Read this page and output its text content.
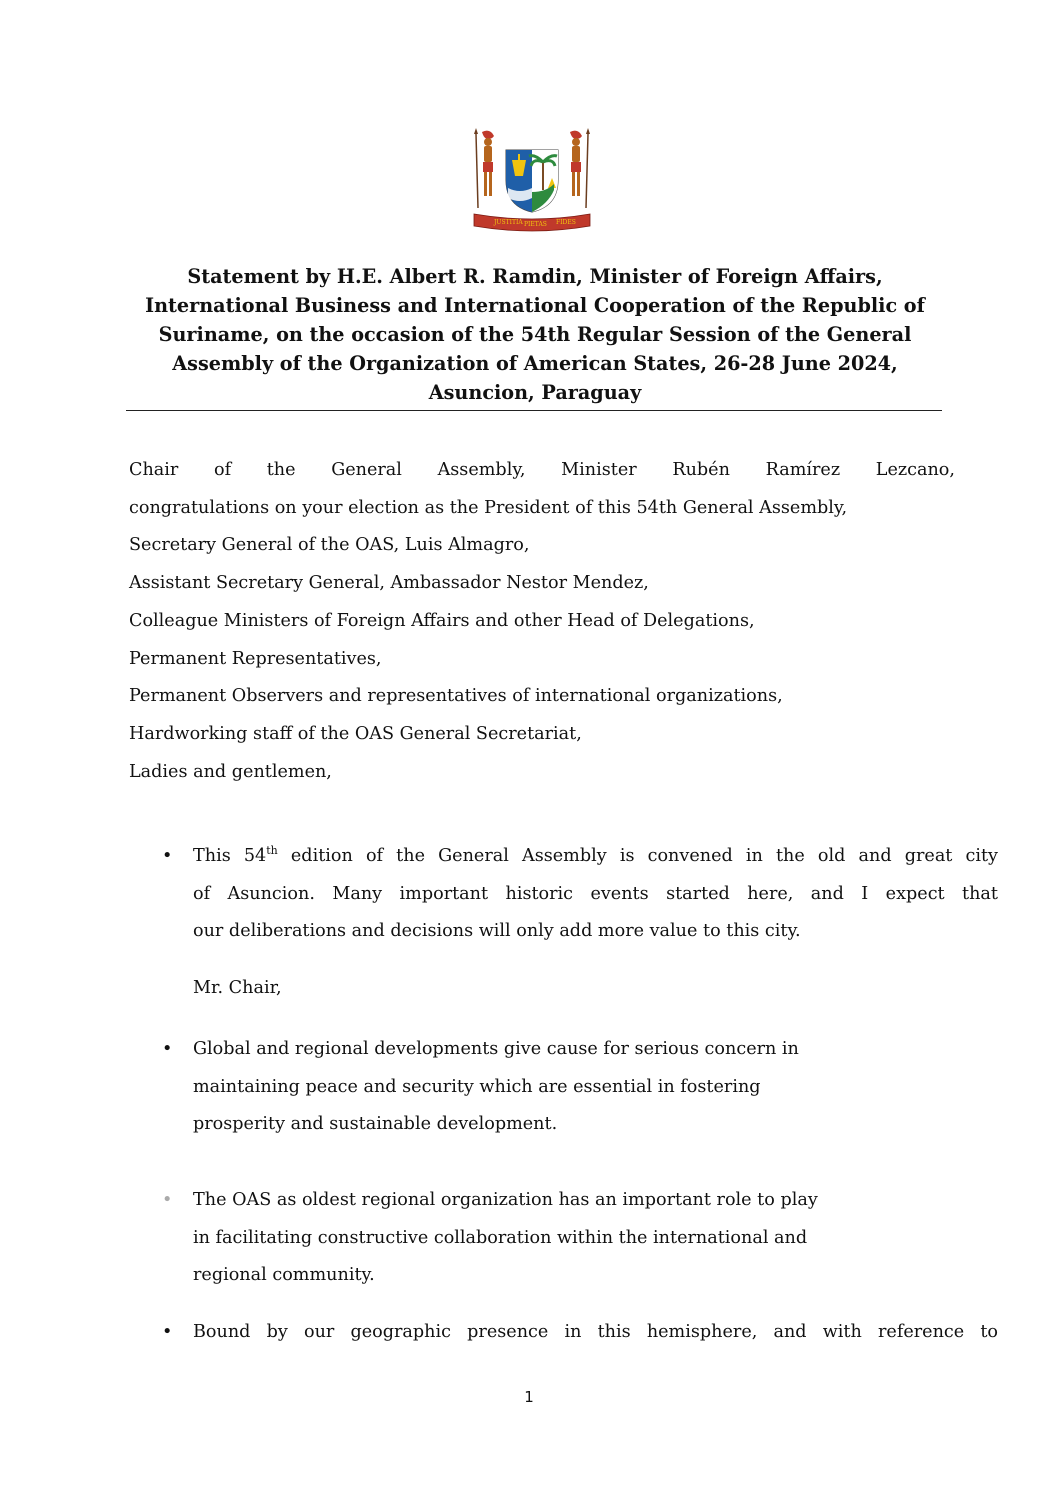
JUSTITIA PIETAS FIDES
Statement by H.E. Albert R. Ramdin, Minister of Foreign Affairs,
International Business and International Cooperation of the Republic of
Suriname, on the occasion of the 54th Regular Session of the General
Assembly of the Organization of American States, 26-28 June 2024,
Asuncion, Paraguay
Chair of the General Assembly, Minister Rubén Ramírez Lezcano,
congratulations on your election as the President of this 54th General Assembly,
Secretary General of the OAS, Luis Almagro,
Assistant Secretary General, Ambassador Nestor Mendez,
Colleague Ministers of Foreign Affairs and other Head of Delegations,
Permanent Representatives,
Permanent Observers and representatives of international organizations,
Hardworking staff of the OAS General Secretariat,
Ladies and gentlemen,
• This 54th edition of the General Assembly is convened in the old and great city
of Asuncion. Many important historic events started here, and I expect that
our deliberations and decisions will only add more value to this city.
Mr. Chair,
• Global and regional developments give cause for serious concern in
maintaining peace and security which are essential in fostering
prosperity and sustainable development.
• The OAS as oldest regional organization has an important role to play
in facilitating constructive collaboration within the international and
regional community.
• Bound by our geographic presence in this hemisphere, and with reference to
1
